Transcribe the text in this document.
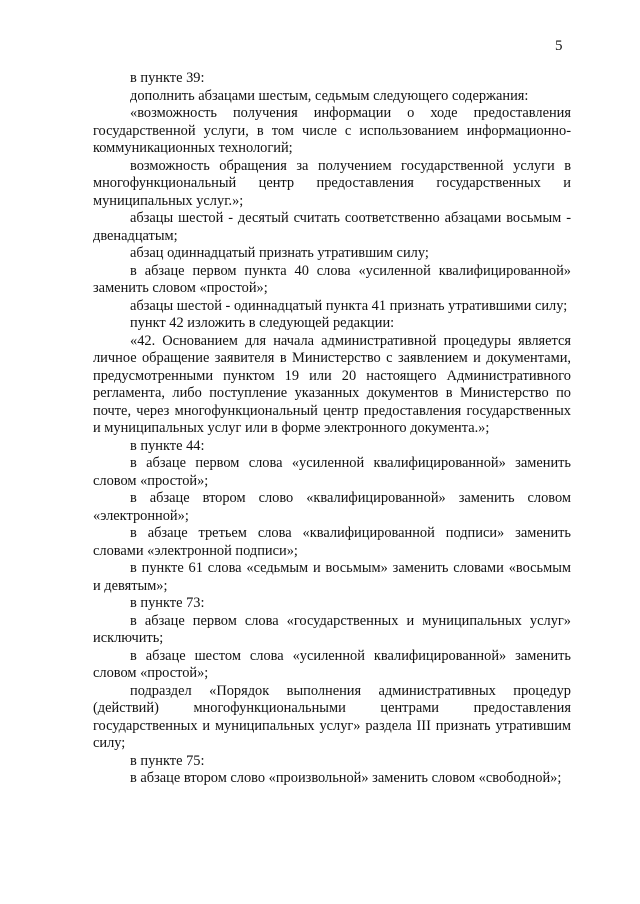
5

в пункте 39:

дополнить абзацами шестым, седьмым следующего содержания:

«возможность получения информации о ходе предоставления государственной услуги, в том числе с использованием информационно-коммуникационных технологий;

возможность обращения за получением государственной услуги в многофункциональный центр предоставления государственных и муниципальных услуг.»;

абзацы шестой - десятый считать соответственно абзацами восьмым - двенадцатым;

абзац одиннадцатый признать утратившим силу;

в абзаце первом пункта 40 слова «усиленной квалифицированной» заменить словом «простой»;

абзацы шестой - одиннадцатый пункта 41 признать утратившими силу;

пункт 42 изложить в следующей редакции:

«42. Основанием для начала административной процедуры является личное обращение заявителя в Министерство с заявлением и документами, предусмотренными пунктом 19 или 20 настоящего Административного регламента, либо поступление указанных документов в Министерство по почте, через многофункциональный центр предоставления государственных и муниципальных услуг или в форме электронного документа.»;

в пункте 44:

в абзаце первом слова «усиленной квалифицированной» заменить словом «простой»;

в абзаце втором слово «квалифицированной» заменить словом «электронной»;

в абзаце третьем слова «квалифицированной подписи» заменить словами «электронной подписи»;

в пункте 61 слова «седьмым и восьмым» заменить словами «восьмым и девятым»;

в пункте 73:

в абзаце первом слова «государственных и муниципальных услуг» исключить;

в абзаце шестом слова «усиленной квалифицированной» заменить словом «простой»;

подраздел «Порядок выполнения административных процедур (действий) многофункциональными центрами предоставления государственных и муниципальных услуг» раздела III признать утратившим силу;

в пункте 75:

в абзаце втором слово «произвольной» заменить словом «свободной»;
